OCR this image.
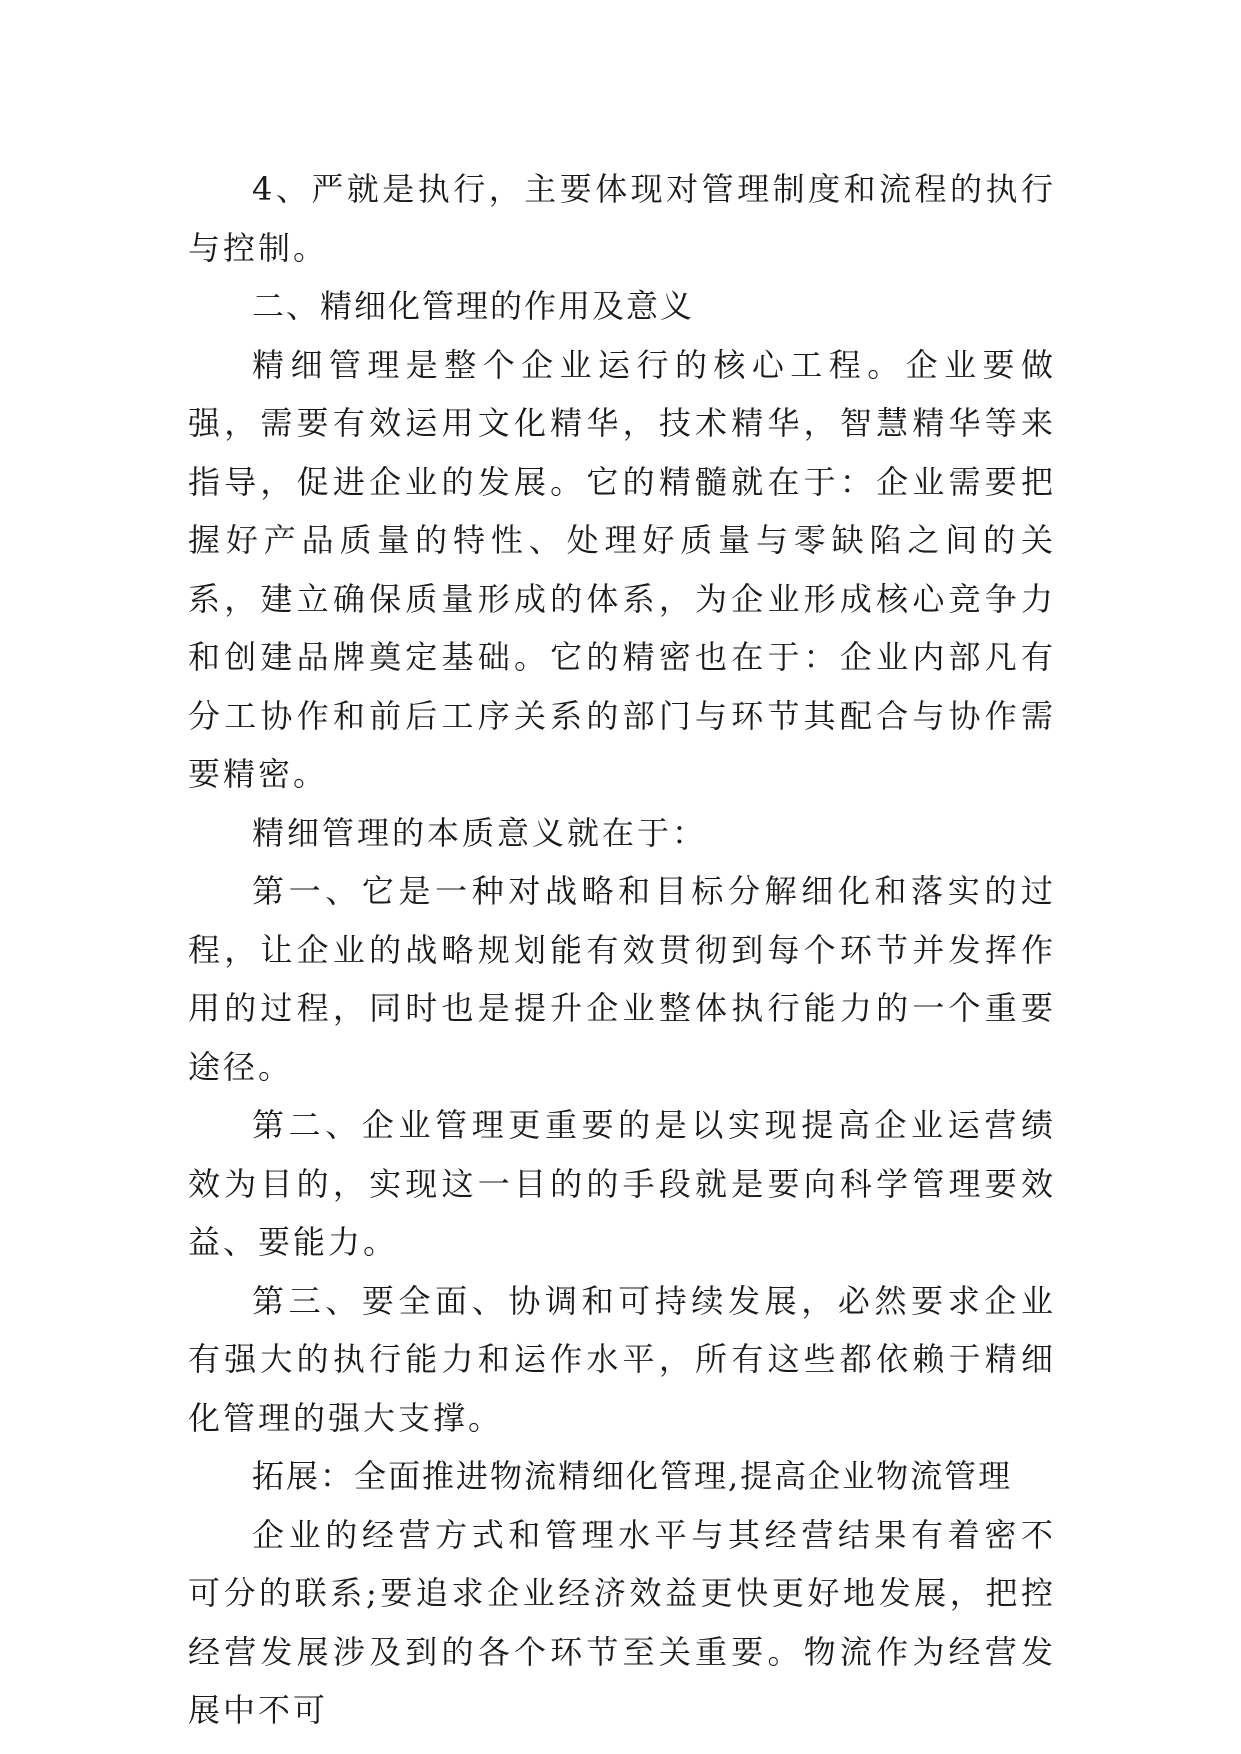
4、严就是执行，主要体现对管理制度和流程的执行与控制。

二、精细化管理的作用及意义

精细管理是整个企业运行的核心工程。企业要做强，需要有效运用文化精华，技术精华，智慧精华等来指导，促进企业的发展。它的精髓就在于：企业需要把握好产品质量的特性、处理好质量与零缺陷之间的关系，建立确保质量形成的体系，为企业形成核心竞争力和创建品牌奠定基础。它的精密也在于：企业内部凡有分工协作和前后工序关系的部门与环节其配合与协作需要精密。

精细管理的本质意义就在于：

第一、它是一种对战略和目标分解细化和落实的过程，让企业的战略规划能有效贯彻到每个环节并发挥作用的过程，同时也是提升企业整体执行能力的一个重要途径。

第二、企业管理更重要的是以实现提高企业运营绩效为目的，实现这一目的的手段就是要向科学管理要效益、要能力。

第三、要全面、协调和可持续发展，必然要求企业有强大的执行能力和运作水平，所有这些都依赖于精细化管理的强大支撑。

拓展：全面推进物流精细化管理,提高企业物流管理

企业的经营方式和管理水平与其经营结果有着密不可分的联系;要追求企业经济效益更快更好地发展，把控经营发展涉及到的各个环节至关重要。物流作为经营发展中不可
